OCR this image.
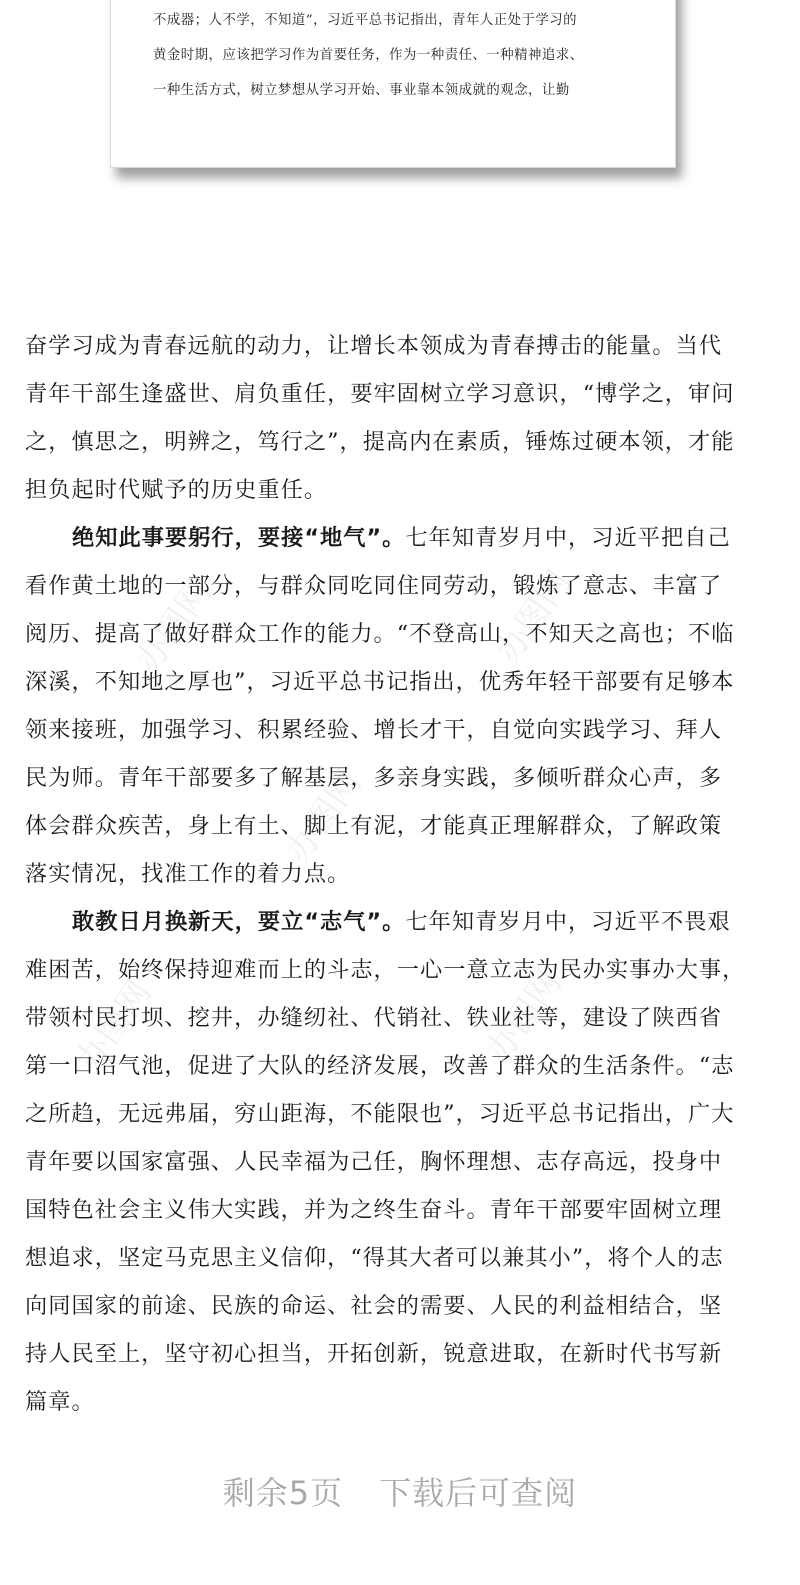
不成器；人不学，不知道”，习近平总书记指出，青年人正处于学习的
黄金时期，应该把学习作为首要任务，作为一种责任、一种精神追求、
一种生活方式，树立梦想从学习开始、事业靠本领成就的观念，让勤
奋学习成为青春远航的动力，让增长本领成为青春搏击的能量。当代
青年干部生逢盛世、肩负重任，要牢固树立学习意识，“博学之，审问
之，慎思之，明辨之，笃行之”，提高内在素质，锤炼过硬本领，才能
担负起时代赋予的历史重任。
绝知此事要躬行，要接“地气”。七年知青岁月中，习近平把自己
看作黄土地的一部分，与群众同吃同住同劳动，锻炼了意志、丰富了
阅历、提高了做好群众工作的能力。“不登高山，不知天之高也；不临
深溪，不知地之厚也”，习近平总书记指出，优秀年轻干部要有足够本
领来接班，加强学习、积累经验、增长才干，自觉向实践学习、拜人
民为师。青年干部要多了解基层，多亲身实践，多倾听群众心声，多
体会群众疾苦，身上有土、脚上有泥，才能真正理解群众，了解政策
落实情况，找准工作的着力点。
敢教日月换新天，要立“志气”。七年知青岁月中，习近平不畏艰
难困苦，始终保持迎难而上的斗志，一心一意立志为民办实事办大事，
带领村民打坝、挖井，办缝纫社、代销社、铁业社等，建设了陕西省
第一口沼气池，促进了大队的经济发展，改善了群众的生活条件。“志
之所趋，无远弗届，穷山距海，不能限也”，习近平总书记指出，广大
青年要以国家富强、人民幸福为己任，胸怀理想、志存高远，投身中
国特色社会主义伟大实践，并为之终生奋斗。青年干部要牢固树立理
想追求，坚定马克思主义信仰，“得其大者可以兼其小”，将个人的志
向同国家的前途、民族的命运、社会的需要、人民的利益相结合，坚
持人民至上，坚守初心担当，开拓创新，锐意进取，在新时代书写新
篇章。
办图网	办图网
办图网
办图网	办图网
剩余5页 下载后可查阅
